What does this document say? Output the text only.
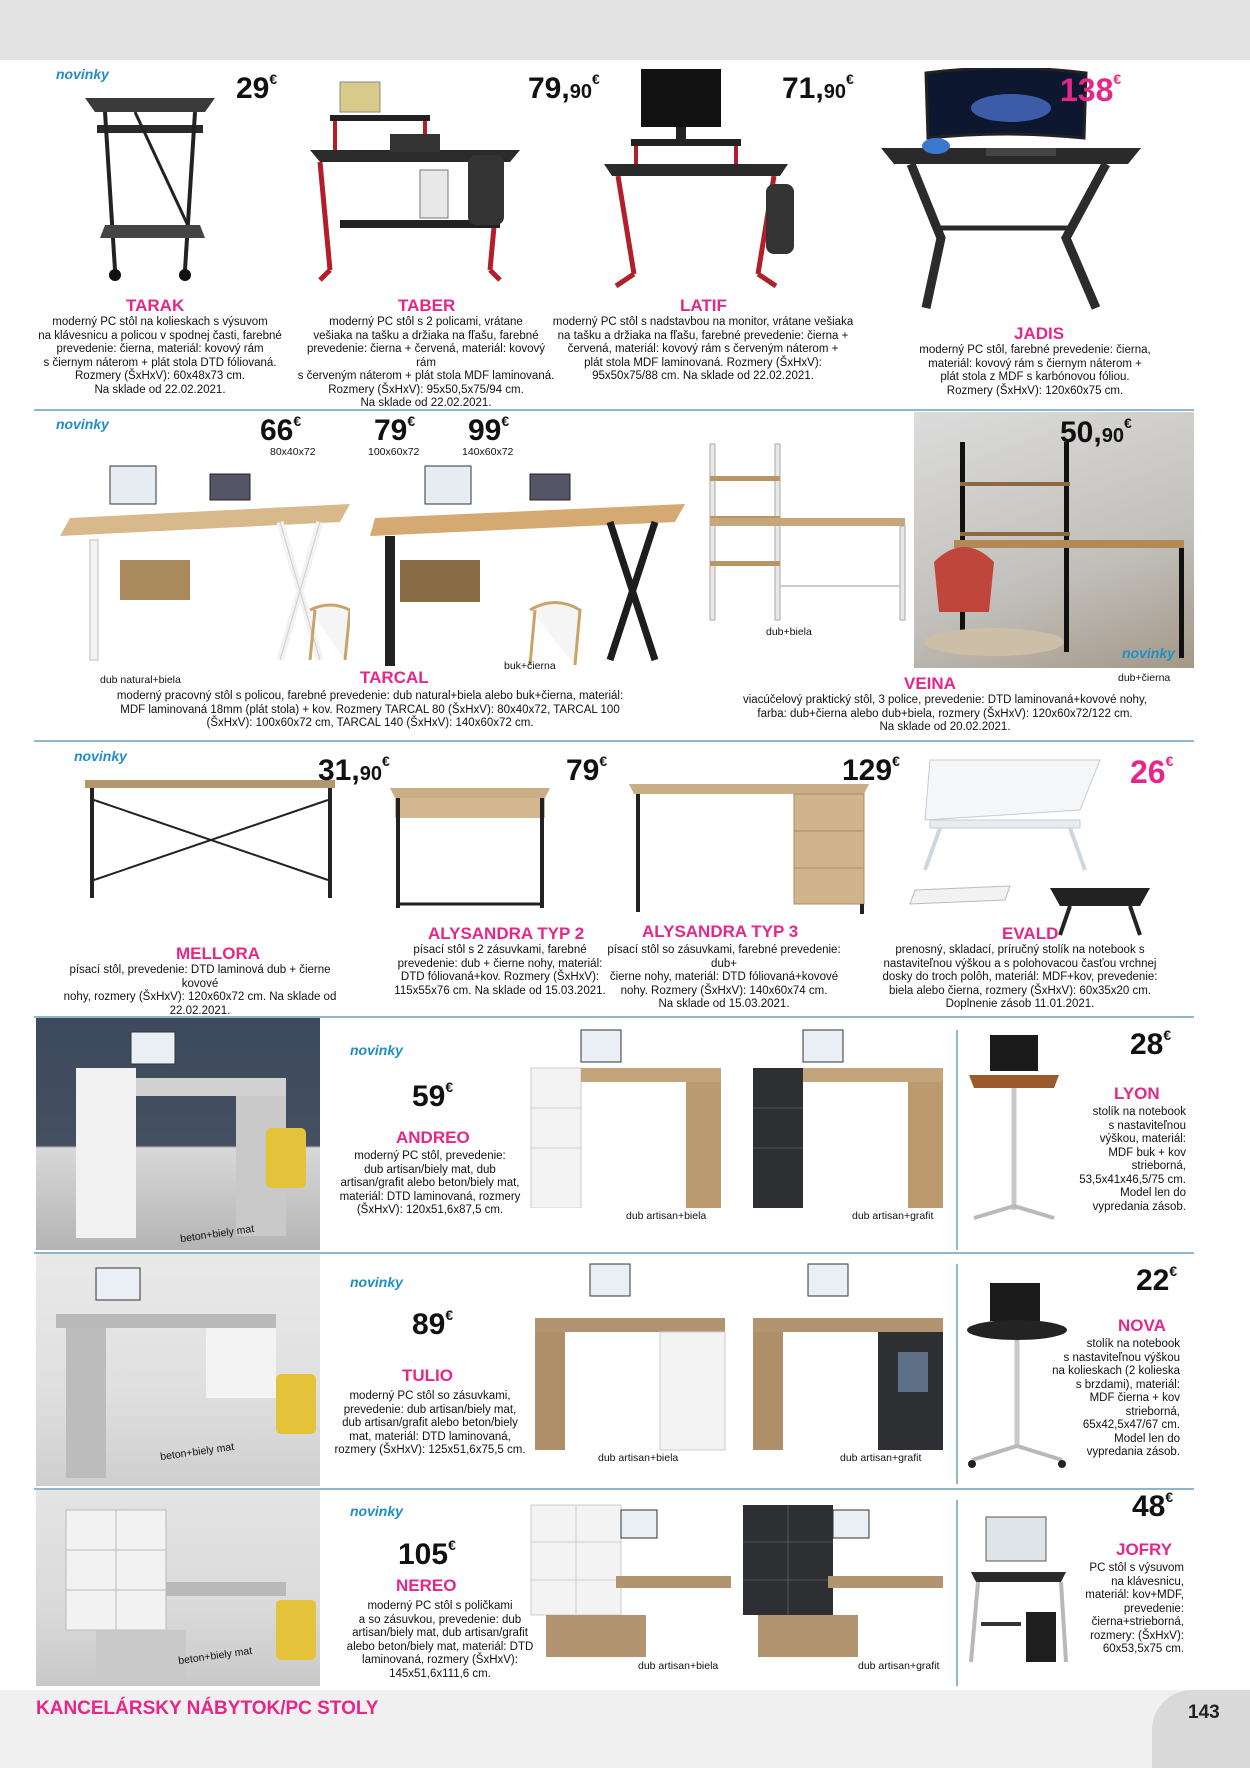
novinky	29€
TARAK
moderný PC stôl na kolieskach s výsuvom
na klávesnicu a policou v spodnej časti, farebné
prevedenie: čierna, materiál: kovový rám
s čiernym náterom + plát stola DTD fóliovaná.
Rozmery (ŠxHxV): 60x48x73 cm.
Na sklade od 22.02.2021.
79,90€
TABER
moderný PC stôl s 2 policami, vrátane
vešiaka na tašku a držiaka na fľašu, farebné
prevedenie: čierna + červená, materiál: kovový rám
s červeným náterom + plát stola MDF laminovaná.
Rozmery (ŠxHxV): 95x50,5x75/94 cm.
Na sklade od 22.02.2021.
71,90€
LATIF
moderný PC stôl s nadstavbou na monitor, vrátane vešiaka
na tašku a držiaka na fľašu, farebné prevedenie: čierna +
červená, materiál: kovový rám s červeným náterom +
plát stola MDF laminovaná. Rozmery (ŠxHxV):
95x50x75/88 cm. Na sklade od 22.02.2021.
138€
JADIS
moderný PC stôl, farebné prevedenie: čierna,
materiál: kovový rám s čiernym náterom +
plát stola z MDF s karbónovou fóliou.
Rozmery (ŠxHxV): 120x60x75 cm.
novinky	66€
80x40x72
79€
100x60x72
99€
140x60x72
dub natural+biela
buk+čierna
TARCAL
moderný pracovný stôl s policou, farebné prevedenie: dub natural+biela alebo buk+čierna, materiál:
MDF laminovaná 18mm (plát stola) + kov. Rozmery TARCAL 80 (ŠxHxV): 80x40x72, TARCAL 100
(ŠxHxV): 100x60x72 cm, TARCAL 140 (ŠxHxV): 140x60x72 cm.
50,90€
novinky
dub+biela
dub+čierna
VEINA
viacúčelový praktický stôl, 3 police, prevedenie: DTD laminovaná+kovové nohy,
farba: dub+čierna alebo dub+biela, rozmery (ŠxHxV): 120x60x72/122 cm.
Na sklade od 20.02.2021.
novinky	31,90€
MELLORA
písací stôl, prevedenie: DTD laminová dub + čierne kovové
nohy, rozmery (ŠxHxV): 120x60x72 cm. Na sklade od
22.02.2021.
79€
ALYSANDRA TYP 2
písací stôl s 2 zásuvkami, farebné
prevedenie: dub + čierne nohy, materiál:
DTD fóliovaná+kov. Rozmery (ŠxHxV):
115x55x76 cm. Na sklade od 15.03.2021.
129€
ALYSANDRA TYP 3
písací stôl so zásuvkami, farebné prevedenie: dub+
čierne nohy, materiál: DTD fóliovaná+kovové
nohy. Rozmery (ŠxHxV): 140x60x74 cm.
Na sklade od 15.03.2021.
26€
EVALD
prenosný, skladací, príručný stolík na notebook s
nastaviteľnou výškou a s polohovacou časťou vrchnej
dosky do troch polôh, materiál: MDF+kov, prevedenie:
biela alebo čierna, rozmery (ŠxHxV): 60x35x20 cm.
Doplnenie zásob 11.01.2021.
beton+biely mat
novinky
59€
ANDREO
moderný PC stôl, prevedenie:
dub artisan/biely mat, dub
artisan/grafit alebo beton/biely mat,
materiál: DTD laminovaná, rozmery
(ŠxHxV): 120x51,6x87,5 cm.	dub artisan+biela	dub artisan+grafit
28€
LYON
stolík na notebook
s nastaviteľnou
výškou, materiál:
MDF buk + kov
strieborná,
53,5x41x46,5/75 cm.
Model len do
vypredania zásob.
beton+biely mat
novinky
89€
TULIO
moderný PC stôl so zásuvkami,
prevedenie: dub artisan/biely mat,
dub artisan/grafit alebo beton/biely
mat, materiál: DTD laminovaná,
rozmery (ŠxHxV): 125x51,6x75,5 cm.
dub artisan+biela	dub artisan+grafit
22€
NOVA
stolík na notebook
s nastaviteľnou výškou
na kolieskach (2 kolieska
s brzdami), materiál:
MDF čierna + kov
strieborná,
65x42,5x47/67 cm.
Model len do
vypredania zásob.
beton+biely mat
novinky
105€
NEREO
moderný PC stôl s poličkami
a so zásuvkou, prevedenie: dub
artisan/biely mat, dub artisan/grafit
alebo beton/biely mat, materiál: DTD
laminovaná, rozmery (ŠxHxV):
145x51,6x111,6 cm.
dub artisan+biela	dub artisan+grafit
48€
JOFRY
PC stôl s výsuvom
na klávesnicu,
materiál: kov+MDF,
prevedenie:
čierna+strieborná,
rozmery: (ŠxHxV):
60x53,5x75 cm.
KANCELÁRSKY NÁBYTOK/PC STOLY	143
